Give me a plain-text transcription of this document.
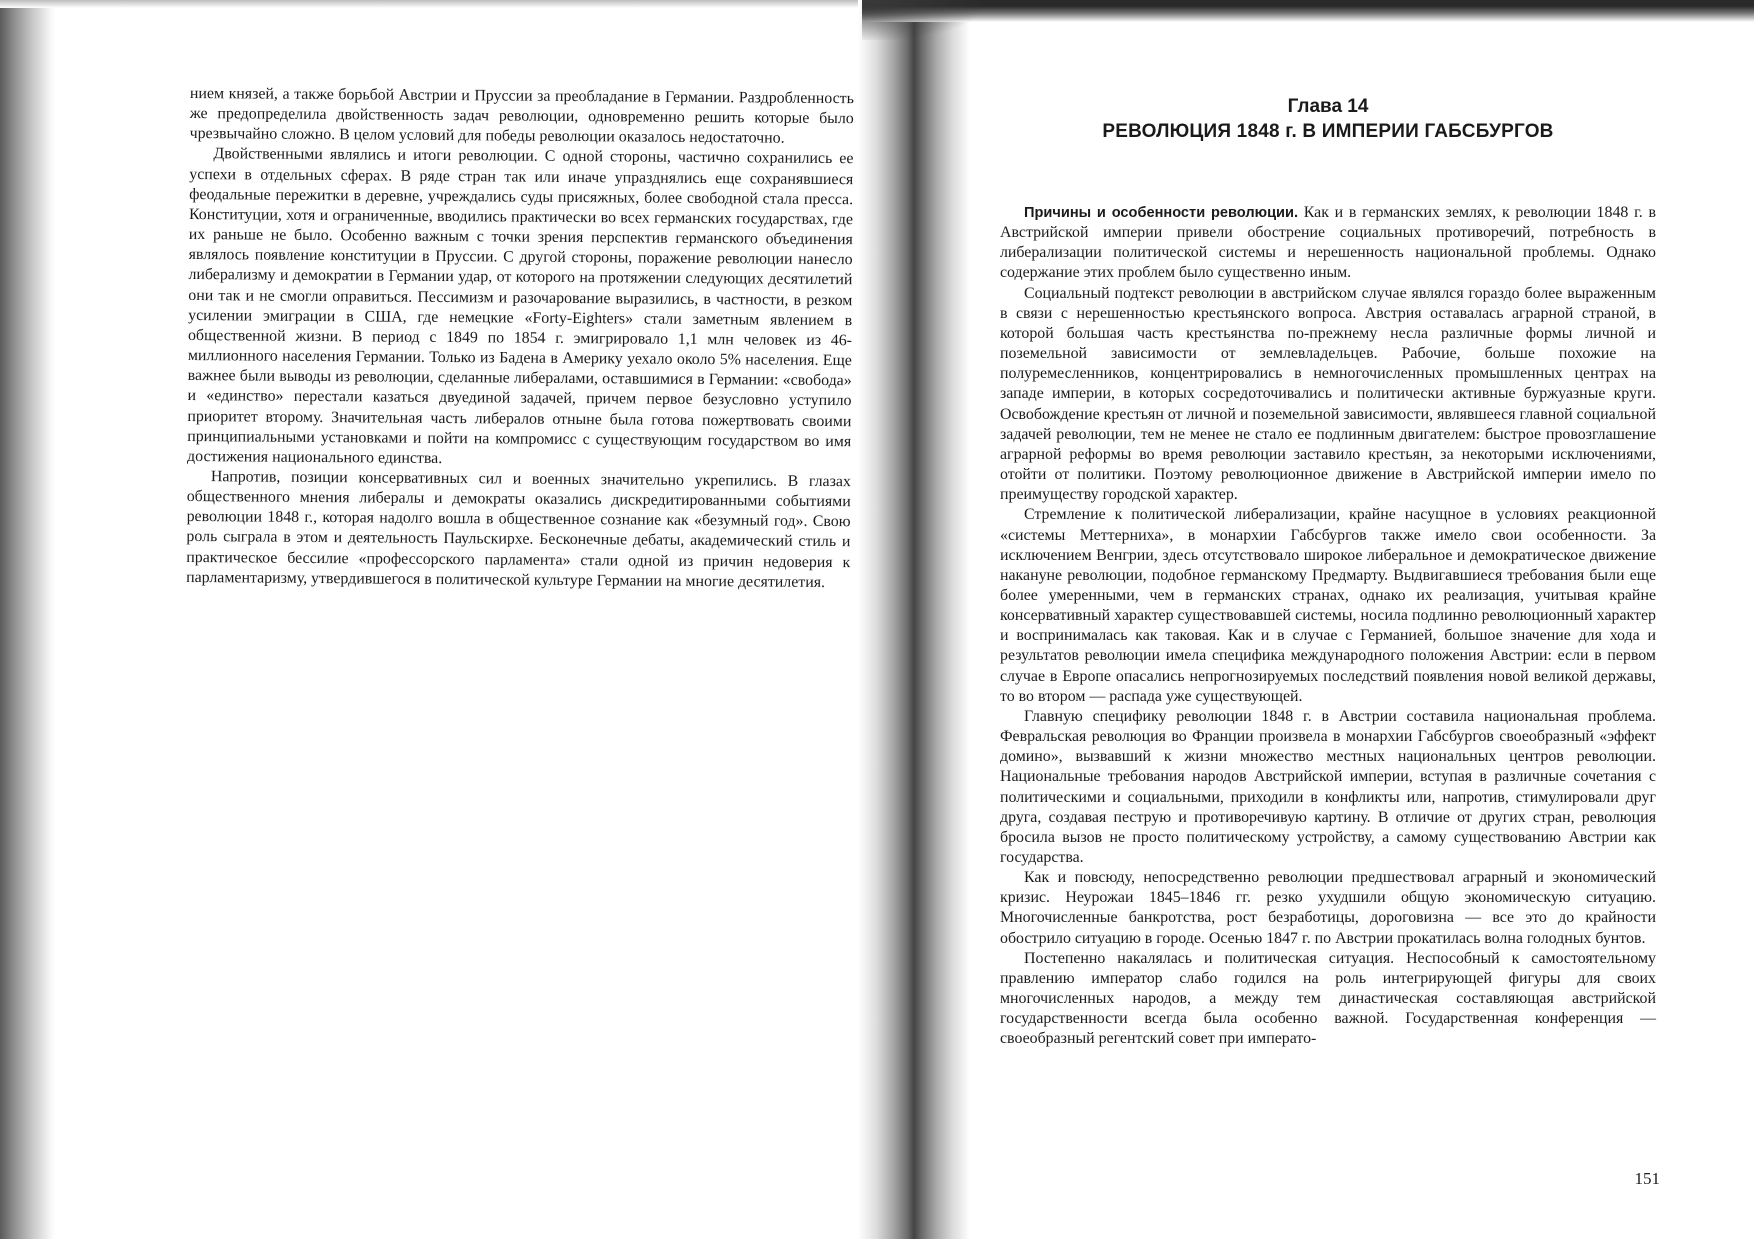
нием князей, а также борьбой Австрии и Пруссии за преобладание в Германии. Раздробленность же предопределила двойственность задач революции, одновременно решить которые было чрезвычайно сложно. В целом условий для победы революции оказалось недостаточно.

Двойственными являлись и итоги революции. С одной стороны, частично сохранились ее успехи в отдельных сферах. В ряде стран так или иначе упразднялись еще сохранявшиеся феодальные пережитки в деревне, учреждались суды присяжных, более свободной стала пресса. Конституции, хотя и ограниченные, вводились практически во всех германских государствах, где их раньше не было. Особенно важным с точки зрения перспектив германского объединения являлось появление конституции в Пруссии. С другой стороны, поражение революции нанесло либерализму и демократии в Германии удар, от которого на протяжении следующих десятилетий они так и не смогли оправиться. Пессимизм и разочарование выразились, в частности, в резком усилении эмиграции в США, где немецкие «Forty-Eighters» стали заметным явлением в общественной жизни. В период с 1849 по 1854 г. эмигрировало 1,1 млн человек из 46-миллионного населения Германии. Только из Бадена в Америку уехало около 5% населения. Еще важнее были выводы из революции, сделанные либералами, оставшимися в Германии: «свобода» и «единство» перестали казаться двуединой задачей, причем первое безусловно уступило приоритет второму. Значительная часть либералов отныне была готова пожертвовать своими принципиальными установками и пойти на компромисс с существующим государством во имя достижения национального единства.

Напротив, позиции консервативных сил и военных значительно укрепились. В глазах общественного мнения либералы и демократы оказались дискредитированными событиями революции 1848 г., которая надолго вошла в общественное сознание как «безумный год». Свою роль сыграла в этом и деятельность Паульскирхе. Бесконечные дебаты, академический стиль и практическое бессилие «профессорского парламента» стали одной из причин недоверия к парламентаризму, утвердившегося в политической культуре Германии на многие десятилетия.

Глава 14
РЕВОЛЮЦИЯ 1848 г. В ИМПЕРИИ ГАБСБУРГОВ

Причины и особенности революции. Как и в германских землях, к революции 1848 г. в Австрийской империи привели обострение социальных противоречий, потребность в либерализации политической системы и нерешенность национальной проблемы. Однако содержание этих проблем было существенно иным.

Социальный подтекст революции в австрийском случае являлся гораздо более выраженным в связи с нерешенностью крестьянского вопроса. Австрия оставалась аграрной страной, в которой большая часть крестьянства по-прежнему несла различные формы личной и поземельной зависимости от землевладельцев. Рабочие, больше похожие на полуремесленников, концентрировались в немногочисленных промышленных центрах на западе империи, в которых сосредоточивались и политически активные буржуазные круги. Освобождение крестьян от личной и поземельной зависимости, являвшееся главной социальной задачей революции, тем не менее не стало ее подлинным двигателем: быстрое провозглашение аграрной реформы во время революции заставило крестьян, за некоторыми исключениями, отойти от политики. Поэтому революционное движение в Австрийской империи имело по преимуществу городской характер.

Стремление к политической либерализации, крайне насущное в условиях реакционной «системы Меттерниха», в монархии Габсбургов также имело свои особенности. За исключением Венгрии, здесь отсутствовало широкое либеральное и демократическое движение накануне революции, подобное германскому Предмарту. Выдвигавшиеся требования были еще более умеренными, чем в германских странах, однако их реализация, учитывая крайне консервативный характер существовавшей системы, носила подлинно революционный характер и воспринималась как таковая. Как и в случае с Германией, большое значение для хода и результатов революции имела специфика международного положения Австрии: если в первом случае в Европе опасались непрогнозируемых последствий появления новой великой державы, то во втором — распада уже существующей.

Главную специфику революции 1848 г. в Австрии составила национальная проблема. Февральская революция во Франции произвела в монархии Габсбургов своеобразный «эффект домино», вызвавший к жизни множество местных национальных центров революции. Национальные требования народов Австрийской империи, вступая в различные сочетания с политическими и социальными, приходили в конфликты или, напротив, стимулировали друг друга, создавая пеструю и противоречивую картину. В отличие от других стран, революция бросила вызов не просто политическому устройству, а самому существованию Австрии как государства.

Как и повсюду, непосредственно революции предшествовал аграрный и экономический кризис. Неурожаи 1845–1846 гг. резко ухудшили общую экономическую ситуацию. Многочисленные банкротства, рост безработицы, дороговизна — все это до крайности обострило ситуацию в городе. Осенью 1847 г. по Австрии прокатилась волна голодных бунтов.

Постепенно накалялась и политическая ситуация. Неспособный к самостоятельному правлению император слабо годился на роль интегрирующей фигуры для своих многочисленных народов, а между тем династическая составляющая австрийской государственности всегда была особенно важной. Государственная конференция — своеобразный регентский совет при императо-

151
